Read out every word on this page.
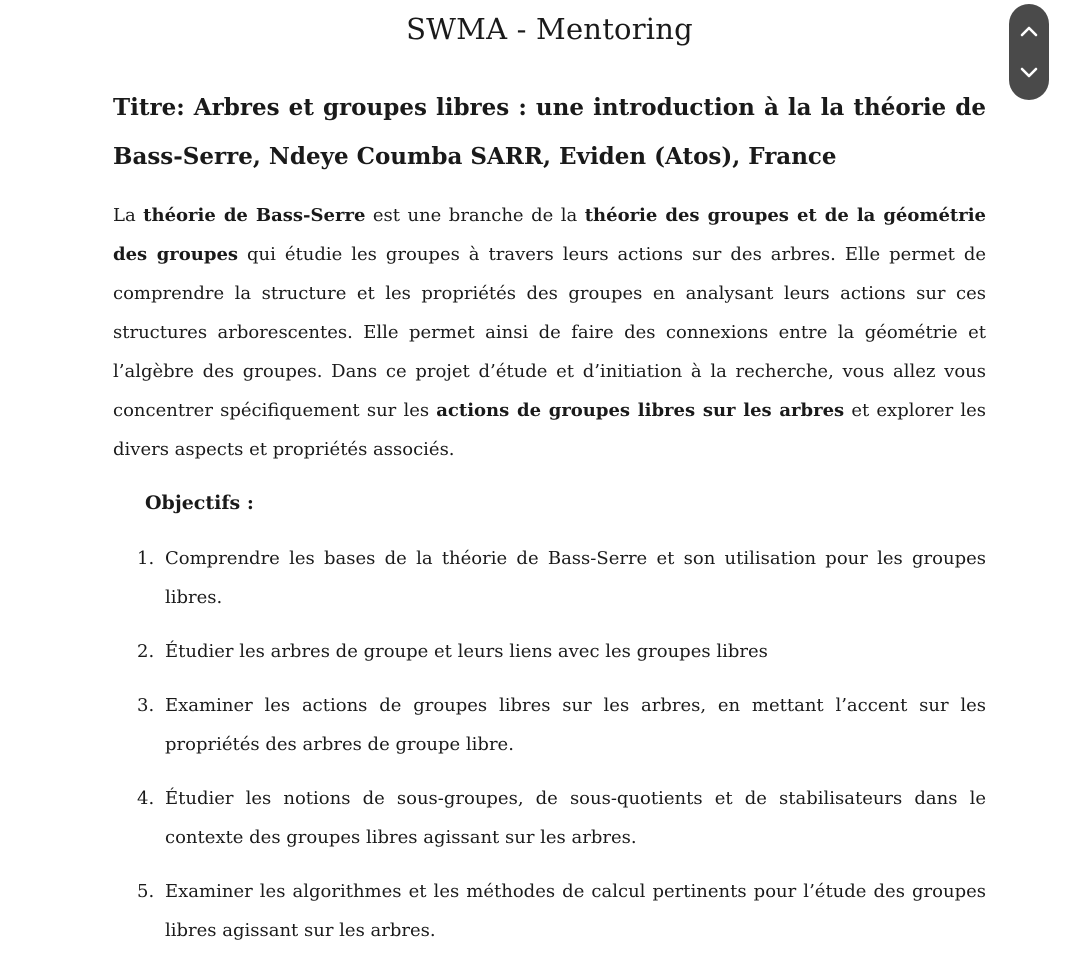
SWMA - Mentoring
Titre: Arbres et groupes libres : une introduction à la la théorie de Bass-Serre, Ndeye Coumba SARR, Eviden (Atos), France

La théorie de Bass-Serre est une branche de la théorie des groupes et de la géométrie des groupes qui étudie les groupes à travers leurs actions sur des arbres. Elle permet de comprendre la structure et les propriétés des groupes en analysant leurs actions sur ces structures arborescentes. Elle permet ainsi de faire des connexions entre la géométrie et l’algèbre des groupes. Dans ce projet d’étude et d’initiation à la recherche, vous allez vous concentrer spécifiquement sur les actions de groupes libres sur les arbres et explorer les divers aspects et propriétés associés.

Objectifs :
1. Comprendre les bases de la théorie de Bass-Serre et son utilisation pour les groupes libres.
2. Étudier les arbres de groupe et leurs liens avec les groupes libres
3. Examiner les actions de groupes libres sur les arbres, en mettant l’accent sur les propriétés des arbres de groupe libre.
4. Étudier les notions de sous-groupes, de sous-quotients et de stabilisateurs dans le contexte des groupes libres agissant sur les arbres.
5. Examiner les algorithmes et les méthodes de calcul pertinents pour l’étude des groupes libres agissant sur les arbres.
